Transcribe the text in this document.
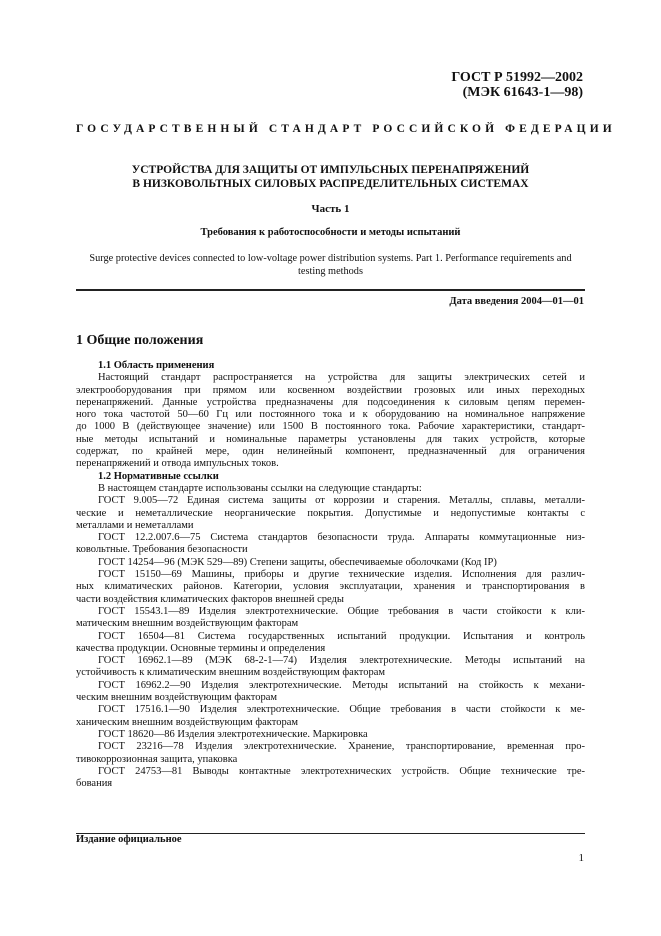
ГОСТ Р 51992—2002
(МЭК 61643-1—98)
ГОСУДАРСТВЕННЫЙ СТАНДАРТ РОССИЙСКОЙ ФЕДЕРАЦИИ
УСТРОЙСТВА ДЛЯ ЗАЩИТЫ ОТ ИМПУЛЬСНЫХ ПЕРЕНАПРЯЖЕНИЙ
В НИЗКОВОЛЬТНЫХ СИЛОВЫХ РАСПРЕДЕЛИТЕЛЬНЫХ СИСТЕМАХ
Часть 1
Требования к работоспособности и методы испытаний
Surge protective devices connected to low-voltage power distribution systems. Part 1. Performance requirements and
testing methods
Дата введения 2004—01—01
1 Общие положения
1.1 Область применения
Настоящий стандарт распространяется на устройства для защиты электрических сетей и
электрооборудования при прямом или косвенном воздействии грозовых или иных переходных
перенапряжений. Данные устройства предназначены для подсоединения к силовым цепям перемен-
ного тока частотой 50—60 Гц или постоянного тока и к оборудованию на номинальное напряжение
до 1000 В (действующее значение) или 1500 В постоянного тока. Рабочие характеристики, стандарт-
ные методы испытаний и номинальные параметры установлены для таких устройств, которые
содержат, по крайней мере, один нелинейный компонент, предназначенный для ограничения
перенапряжений и отвода импульсных токов.
1.2 Нормативные ссылки
В настоящем стандарте использованы ссылки на следующие стандарты:
ГОСТ 9.005—72 Единая система защиты от коррозии и старения. Металлы, сплавы, металли-
ческие и неметаллические неорганические покрытия. Допустимые и недопустимые контакты с
металлами и неметаллами
ГОСТ 12.2.007.6—75 Система стандартов безопасности труда. Аппараты коммутационные низ-
ковольтные. Требования безопасности
ГОСТ 14254—96 (МЭК 529—89) Степени защиты, обеспечиваемые оболочками (Код IP)
ГОСТ 15150—69 Машины, приборы и другие технические изделия. Исполнения для различ-
ных климатических районов. Категории, условия эксплуатации, хранения и транспортирования в
части воздействия климатических факторов внешней среды
ГОСТ 15543.1—89 Изделия электротехнические. Общие требования в части стойкости к кли-
матическим внешним воздействующим факторам
ГОСТ 16504—81 Система государственных испытаний продукции. Испытания и контроль
качества продукции. Основные термины и определения
ГОСТ 16962.1—89 (МЭК 68-2-1—74) Изделия электротехнические. Методы испытаний на
устойчивость к климатическим внешним воздействующим факторам
ГОСТ 16962.2—90 Изделия электротехнические. Методы испытаний на стойкость к механи-
ческим внешним воздействующим факторам
ГОСТ 17516.1—90 Изделия электротехнические. Общие требования в части стойкости к ме-
ханическим внешним воздействующим факторам
ГОСТ 18620—86 Изделия электротехнические. Маркировка
ГОСТ 23216—78 Изделия электротехнические. Хранение, транспортирование, временная про-
тивокоррозионная защита, упаковка
ГОСТ 24753—81 Выводы контактные электротехнических устройств. Общие технические тре-
бования
Издание официальное
1
